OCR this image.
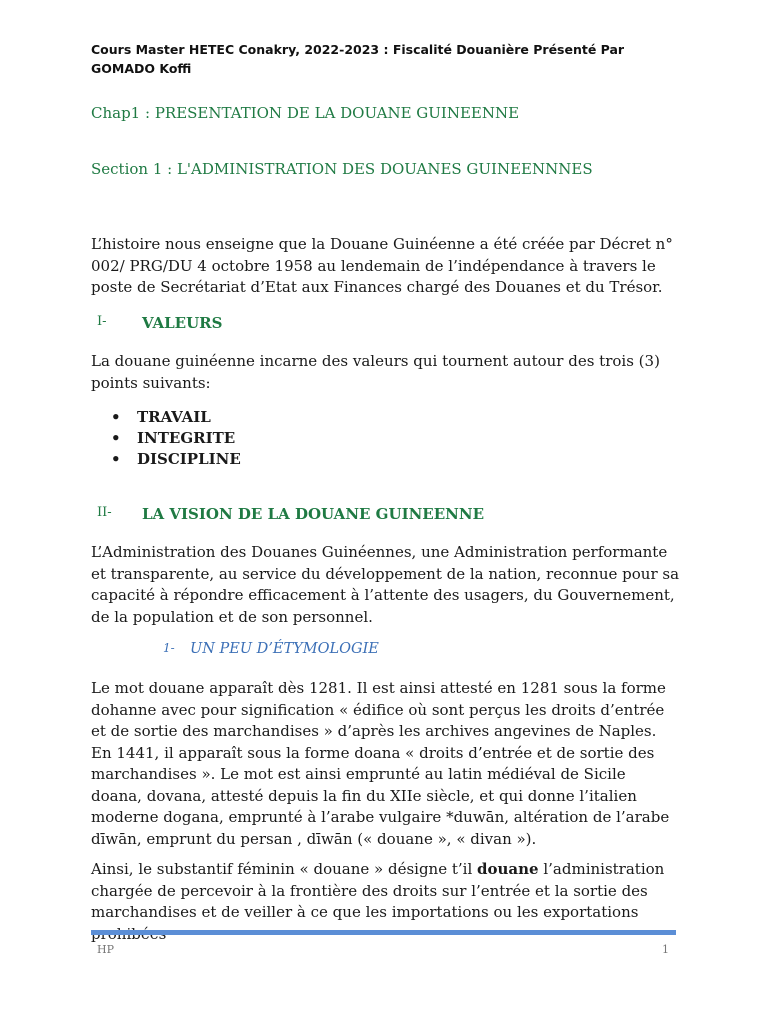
Cours Master HETEC Conakry, 2022-2023 : Fiscalité Douanière Présenté Par
GOMADO Koffi
Chap1 : PRESENTATION DE LA DOUANE GUINEENNE
Section 1 : L'ADMINISTRATION DES DOUANES GUINEENNNES
L’histoire nous enseigne que la Douane Guinéenne a été créée par Décret n° 002/ PRG/DU 4 octobre 1958 au lendemain de l’indépendance à travers le poste de Secrétariat d’Etat aux Finances chargé des Douanes et du Trésor.
I- VALEURS
La douane guinéenne incarne des valeurs qui tournent autour des trois (3) points suivants:
• TRAVAIL
• INTEGRITE
• DISCIPLINE
II- LA VISION DE LA DOUANE GUINEENNE
L’Administration des Douanes Guinéennes, une Administration performante et transparente, au service du développement de la nation, reconnue pour sa capacité à répondre efficacement à l’attente des usagers, du Gouvernement, de la population et de son personnel.
1- UN PEU D’ÉTYMOLOGIE
Le mot douane apparaît dès 1281. Il est ainsi attesté en 1281 sous la forme dohanne avec pour signification « édifice où sont perçus les droits d’entrée et de sortie des marchandises » d’après les archives angevines de Naples. En 1441, il apparaît sous la forme doana « droits d’entrée et de sortie des marchandises ». Le mot est ainsi emprunté au latin médiéval de Sicile doana, dovana, attesté depuis la fin du XIIe siècle, et qui donne l’italien moderne dogana, emprunté à l’arabe vulgaire *duwān, altération de l’arabe dīwān, emprunt du persan , dīwān (« douane », « divan »).
Ainsi, le substantif féminin « douane » désigne t’il douane l’administration chargée de percevoir à la frontière des droits sur l’entrée et la sortie des marchandises et de veiller à ce que les importations ou les exportations
HP	1
